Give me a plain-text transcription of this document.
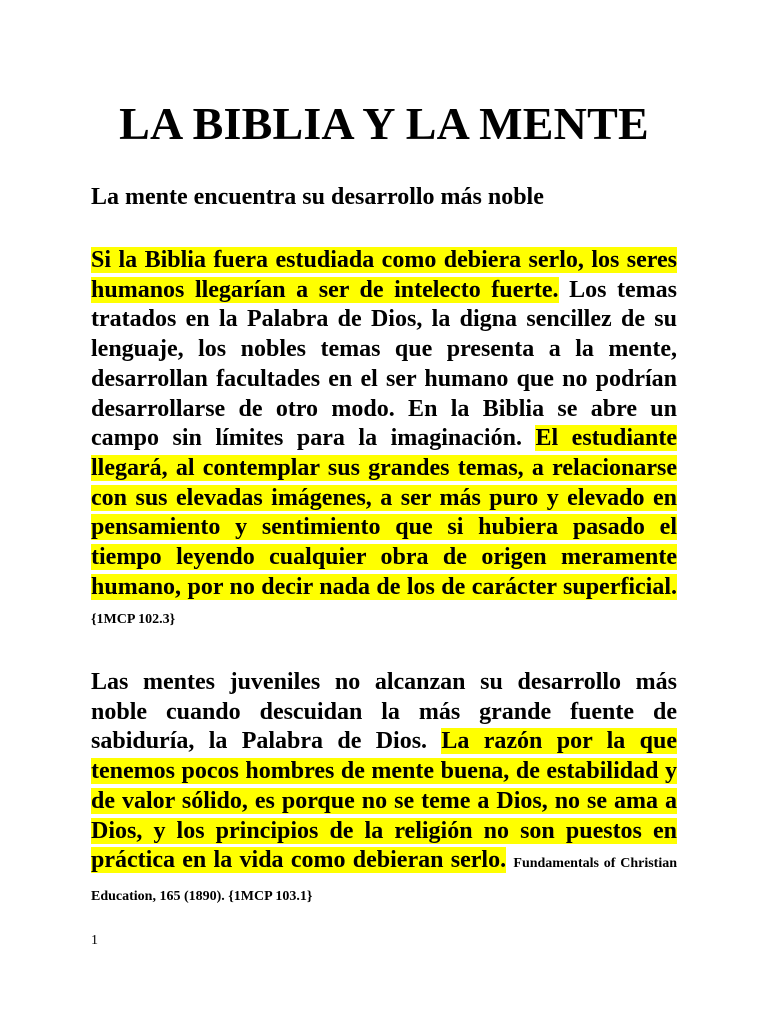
LA BIBLIA Y LA MENTE
La mente encuentra su desarrollo más noble

Si la Biblia fuera estudiada como debiera serlo, los seres humanos llegarían a ser de intelecto fuerte. Los temas tratados en la Palabra de Dios, la digna sencillez de su lenguaje, los nobles temas que presenta a la mente, desarrollan facultades en el ser humano que no podrían desarrollarse de otro modo. En la Biblia se abre un campo sin límites para la imaginación. El estudiante llegará, al contemplar sus grandes temas, a relacionarse con sus elevadas imágenes, a ser más puro y elevado en pensamiento y sentimiento que si hubiera pasado el tiempo leyendo cualquier obra de origen meramente humano, por no decir nada de los de carácter superficial. {1MCP 102.3}

Las mentes juveniles no alcanzan su desarrollo más noble cuando descuidan la más grande fuente de sabiduría, la Palabra de Dios. La razón por la que tenemos pocos hombres de mente buena, de estabilidad y de valor sólido, es porque no se teme a Dios, no se ama a Dios, y los principios de la religión no son puestos en práctica en la vida como debieran serlo. Fundamentals of Christian Education, 165 (1890). {1MCP 103.1}

1
